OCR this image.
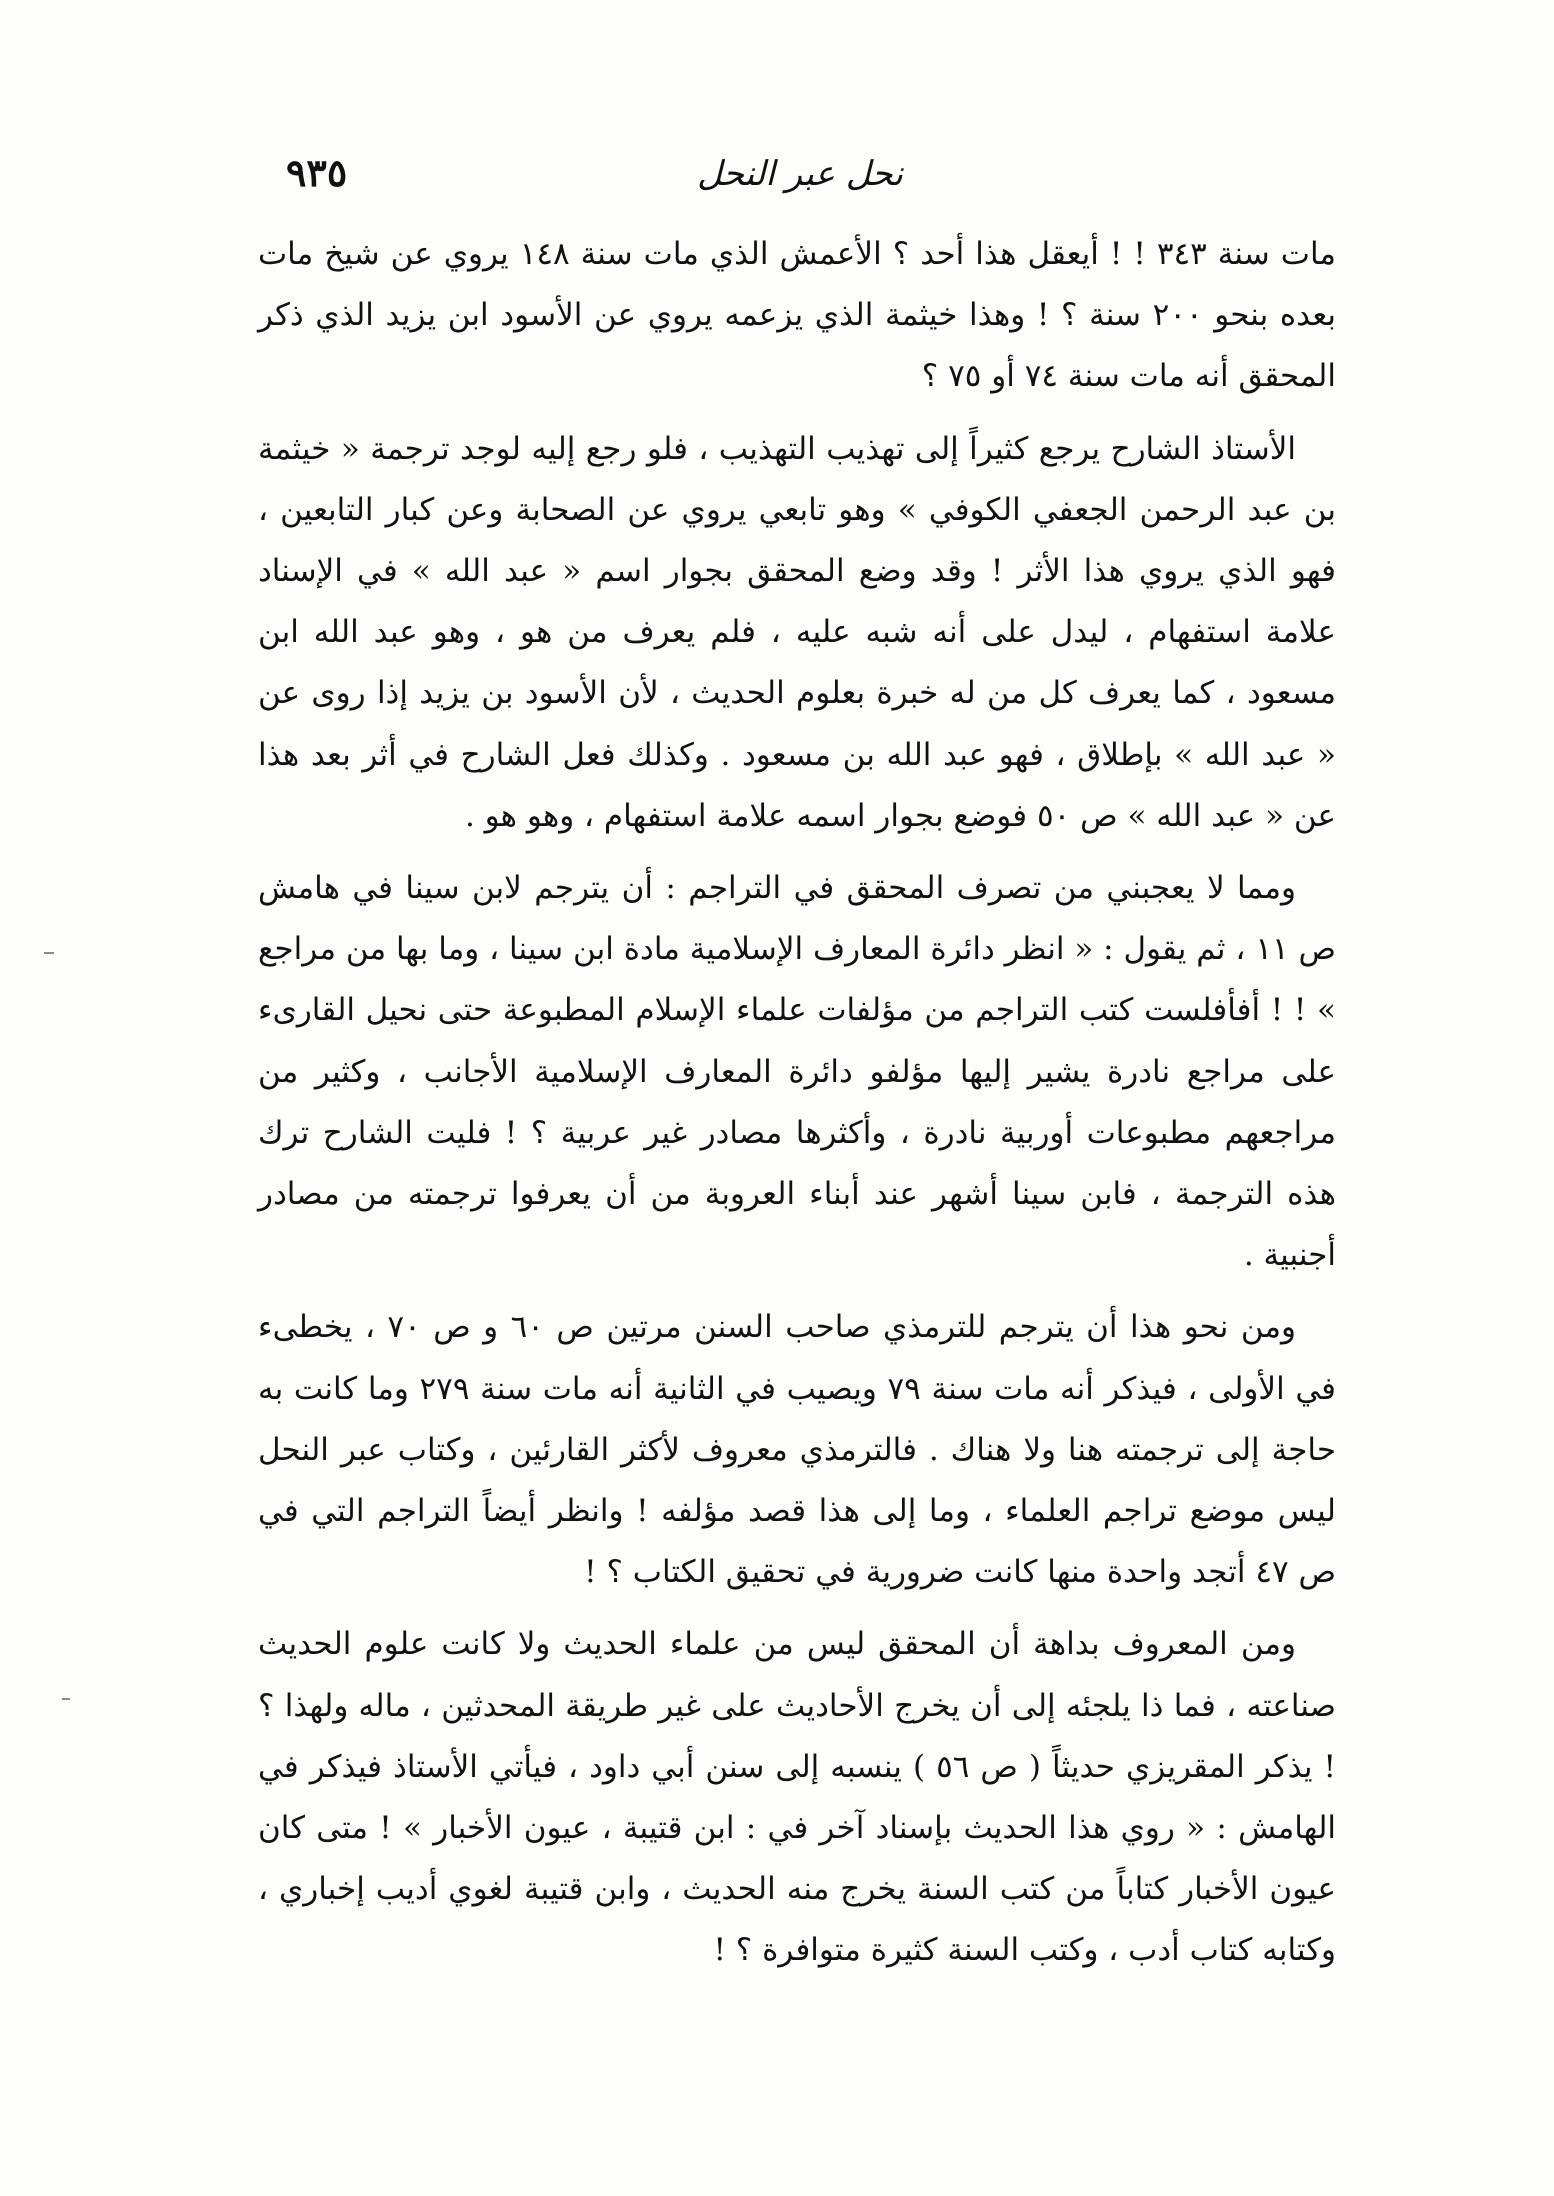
نحل عبر النحل
٩٣٥

مات سنة ٣٤٣ ! ! أيعقل هذا أحد ؟ الأعمش الذي مات سنة ١٤٨ يروي عن شيخ مات بعده بنحو ٢٠٠ سنة ؟ ! وهذا خيثمة الذي يزعمه يروي عن الأسود ابن يزيد الذي ذكر المحقق أنه مات سنة ٧٤ أو ٧٥ ؟

الأستاذ الشارح يرجع كثيراً إلى تهذيب التهذيب ، فلو رجع إليه لوجد ترجمة « خيثمة بن عبد الرحمن الجعفي الكوفي » وهو تابعي يروي عن الصحابة وعن كبار التابعين ، فهو الذي يروي هذا الأثر ! وقد وضع المحقق بجوار اسم « عبد الله » في الإسناد علامة استفهام ، ليدل على أنه شبه عليه ، فلم يعرف من هو ، وهو عبد الله ابن مسعود ، كما يعرف كل من له خبرة بعلوم الحديث ، لأن الأسود بن يزيد إذا روى عن « عبد الله » بإطلاق ، فهو عبد الله بن مسعود . وكذلك فعل الشارح في أثر بعد هذا عن « عبد الله » ص ٥٠ فوضع بجوار اسمه علامة استفهام ، وهو هو .

ومما لا يعجبني من تصرف المحقق في التراجم : أن يترجم لابن سينا في هامش ص ١١ ، ثم يقول : « انظر دائرة المعارف الإسلامية مادة ابن سينا ، وما بها من مراجع » ! ! أفأفلست كتب التراجم من مؤلفات علماء الإسلام المطبوعة حتى نحيل القارىء على مراجع نادرة يشير إليها مؤلفو دائرة المعارف الإسلامية الأجانب ، وكثير من مراجعهم مطبوعات أوربية نادرة ، وأكثرها مصادر غير عربية ؟ ! فليت الشارح ترك هذه الترجمة ، فابن سينا أشهر عند أبناء العروبة من أن يعرفوا ترجمته من مصادر أجنبية .

ومن نحو هذا أن يترجم للترمذي صاحب السنن مرتين ص ٦٠ و ص ٧٠ ، يخطىء في الأولى ، فيذكر أنه مات سنة ٧٩ ويصيب في الثانية أنه مات سنة ٢٧٩ وما كانت به حاجة إلى ترجمته هنا ولا هناك . فالترمذي معروف لأكثر القارئين ، وكتاب عبر النحل ليس موضع تراجم العلماء ، وما إلى هذا قصد مؤلفه ! وانظر أيضاً التراجم التي في ص ٤٧ أتجد واحدة منها كانت ضرورية في تحقيق الكتاب ؟ !

ومن المعروف بداهة أن المحقق ليس من علماء الحديث ولا كانت علوم الحديث صناعته ، فما ذا يلجئه إلى أن يخرج الأحاديث على غير طريقة المحدثين ، ماله ولهذا ؟ ! يذكر المقريزي حديثاً ( ص ٥٦ ) ينسبه إلى سنن أبي داود ، فيأتي الأستاذ فيذكر في الهامش : « روي هذا الحديث بإسناد آخر في : ابن قتيبة ، عيون الأخبار » ! متى كان عيون الأخبار كتاباً من كتب السنة يخرج منه الحديث ، وابن قتيبة لغوي أديب إخباري ، وكتابه كتاب أدب ، وكتب السنة كثيرة متوافرة ؟ !
